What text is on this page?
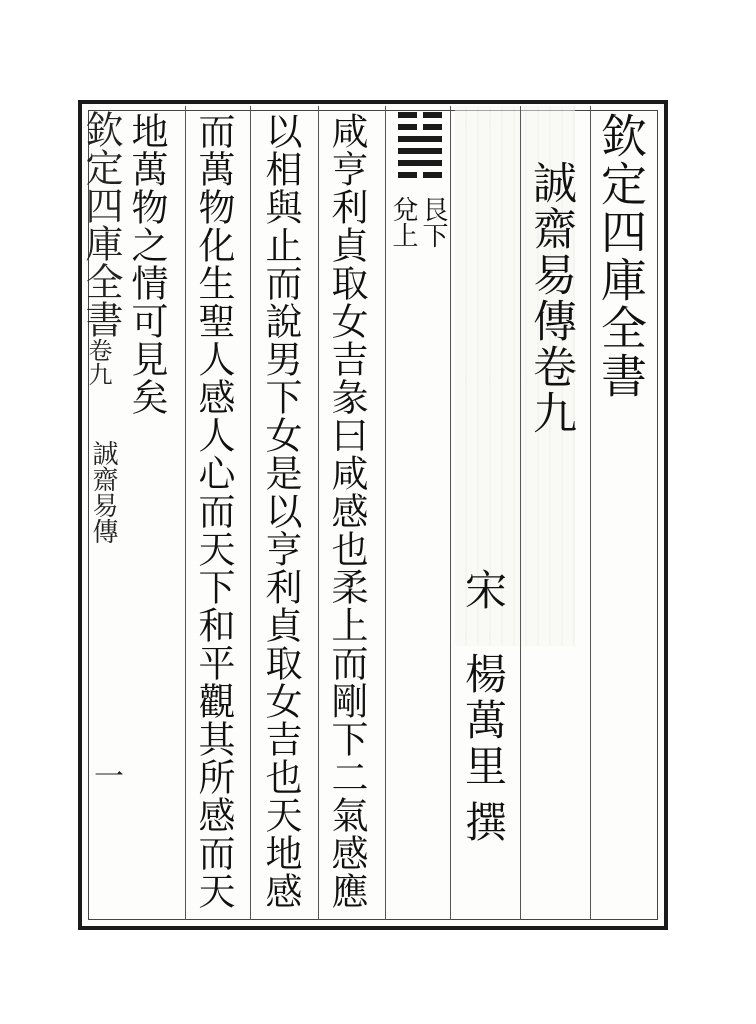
欽定四庫全書
誠齋易傳卷九
宋
楊萬里
撰
艮下
兌上
咸亨利貞取女吉彖曰咸感也柔上而剛下二氣感應
以相與止而說男下女是以亨利貞取女吉也天地感
而萬物化生聖人感人心而天下和平觀其所感而天
地萬物之情可見矣
欽定四庫全書
卷九
誠齋易傳
一
